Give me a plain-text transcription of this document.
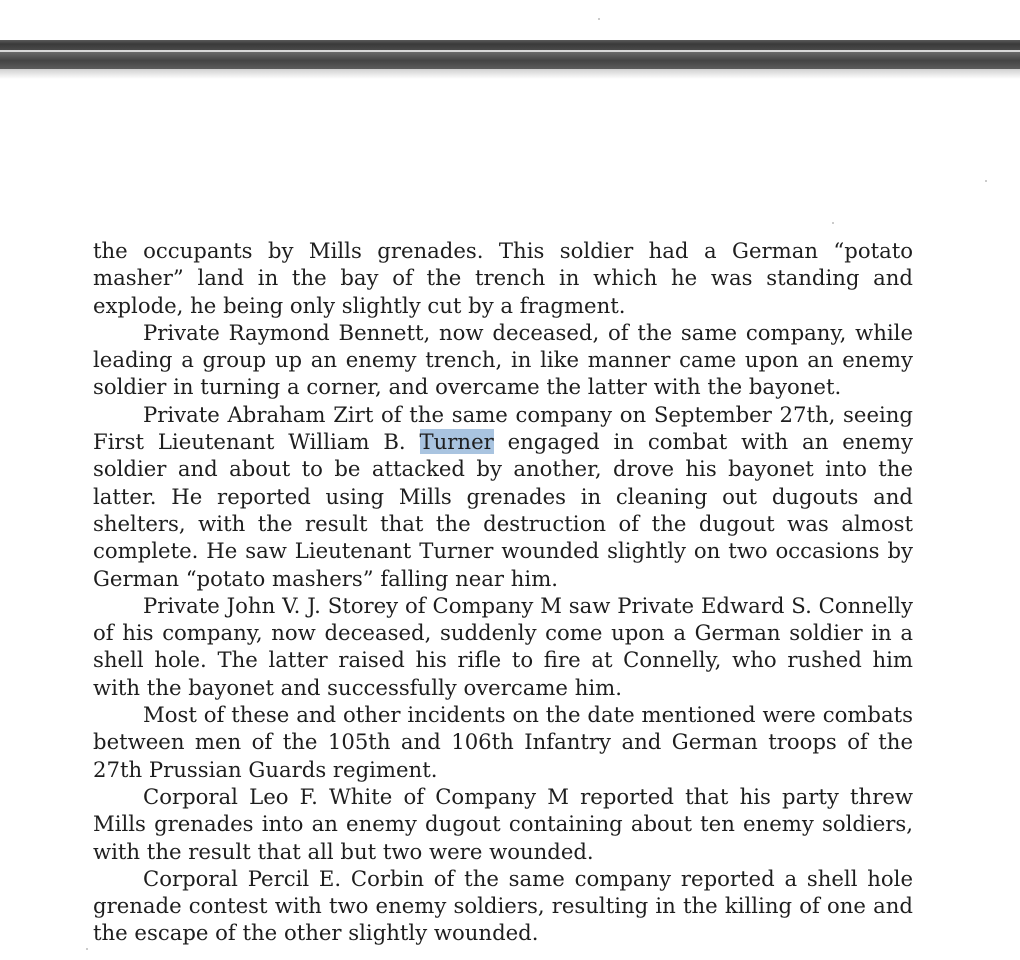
the occupants by Mills grenades. This soldier had a German “potato masher” land in the bay of the trench in which he was standing and explode, he being only slightly cut by a fragment.

Private Raymond Bennett, now deceased, of the same company, while leading a group up an enemy trench, in like manner came upon an enemy soldier in turning a corner, and overcame the latter with the bayonet.

Private Abraham Zirt of the same company on September 27th, seeing First Lieutenant William B. Turner engaged in combat with an enemy soldier and about to be attacked by another, drove his bayonet into the latter. He reported using Mills grenades in cleaning out dugouts and shelters, with the result that the destruction of the dugout was almost complete. He saw Lieutenant Turner wounded slightly on two occasions by German “potato mashers” falling near him.

Private John V. J. Storey of Company M saw Private Edward S. Connelly of his company, now deceased, suddenly come upon a German soldier in a shell hole. The latter raised his rifle to fire at Connelly, who rushed him with the bayonet and successfully overcame him.

Most of these and other incidents on the date mentioned were combats between men of the 105th and 106th Infantry and German troops of the 27th Prussian Guards regiment.

Corporal Leo F. White of Company M reported that his party threw Mills grenades into an enemy dugout containing about ten enemy soldiers, with the result that all but two were wounded.

Corporal Percil E. Corbin of the same company reported a shell hole grenade contest with two enemy soldiers, resulting in the killing of one and the escape of the other slightly wounded.
